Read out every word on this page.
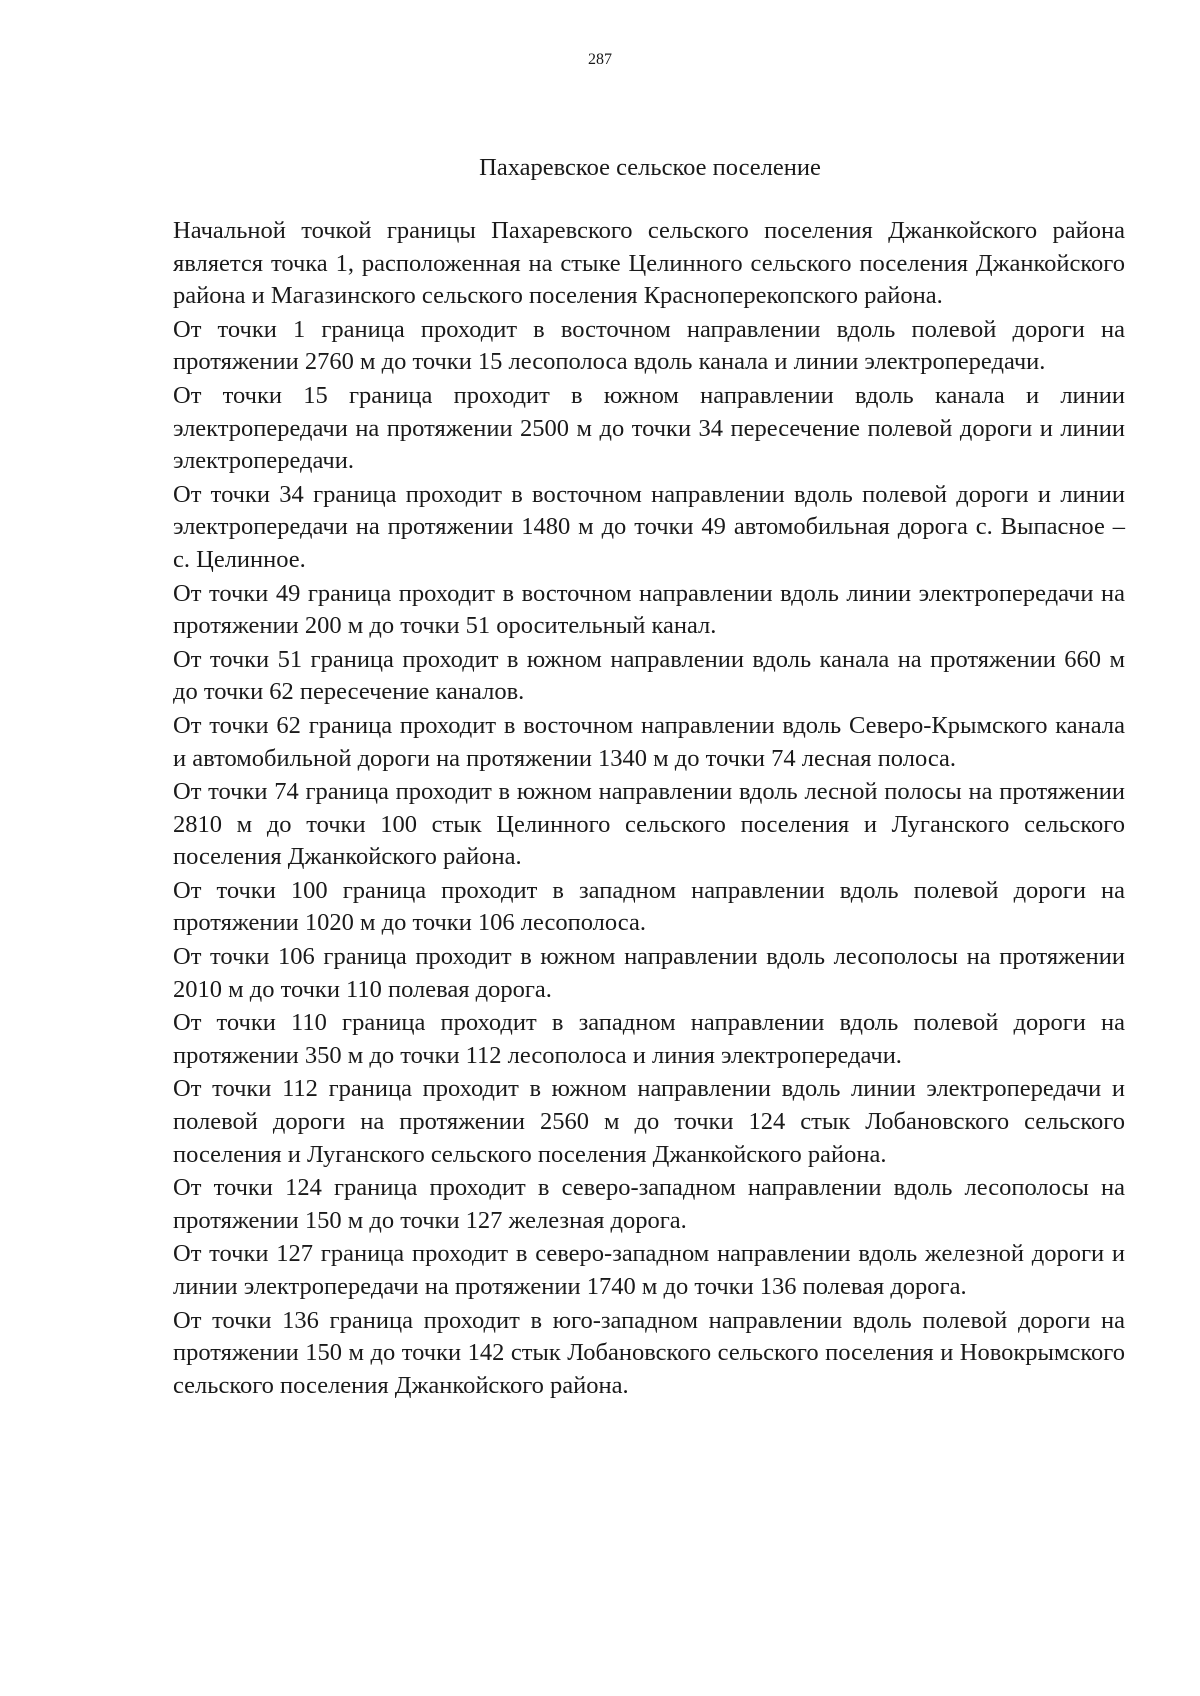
287
Пахаревское сельское поселение

Начальной точкой границы Пахаревского сельского поселения Джанкойского района является точка 1, расположенная на стыке Целинного сельского поселения Джанкойского района и Магазинского сельского поселения Красноперекопского района.

От точки 1 граница проходит в восточном направлении вдоль полевой дороги на протяжении 2760 м до точки 15 лесополоса вдоль канала и линии электропередачи.

От точки 15 граница проходит в южном направлении вдоль канала и линии электропередачи на протяжении 2500 м до точки 34 пересечение полевой дороги и линии электропередачи.

От точки 34 граница проходит в восточном направлении вдоль полевой дороги и линии электропередачи на протяжении 1480 м до точки 49 автомобильная дорога с. Выпасное – с. Целинное.

От точки 49 граница проходит в восточном направлении вдоль линии электропередачи на протяжении 200 м до точки 51 оросительный канал.

От точки 51 граница проходит в южном направлении вдоль канала на протяжении 660 м до точки 62 пересечение каналов.

От точки 62 граница проходит в восточном направлении вдоль Северо-Крымского канала и автомобильной дороги на протяжении 1340 м до точки 74 лесная полоса.

От точки 74 граница проходит в южном направлении вдоль лесной полосы на протяжении 2810 м до точки 100 стык Целинного сельского поселения и Луганского сельского поселения Джанкойского района.

От точки 100 граница проходит в западном направлении вдоль полевой дороги на протяжении 1020 м до точки 106 лесополоса.

От точки 106 граница проходит в южном направлении вдоль лесополосы на протяжении 2010 м до точки 110 полевая дорога.

От точки 110 граница проходит в западном направлении вдоль полевой дороги на протяжении 350 м до точки 112 лесополоса и линия электропередачи.

От точки 112 граница проходит в южном направлении вдоль линии электропередачи и полевой дороги на протяжении 2560 м до точки 124 стык Лобановского сельского поселения и Луганского сельского поселения Джанкойского района.

От точки 124 граница проходит в северо-западном направлении вдоль лесополосы на протяжении 150 м до точки 127 железная дорога.

От точки 127 граница проходит в северо-западном направлении вдоль железной дороги и линии электропередачи на протяжении 1740 м до точки 136 полевая дорога.

От точки 136 граница проходит в юго-западном направлении вдоль полевой дороги на протяжении 150 м до точки 142 стык Лобановского сельского поселения и Новокрымского сельского поселения Джанкойского района.
